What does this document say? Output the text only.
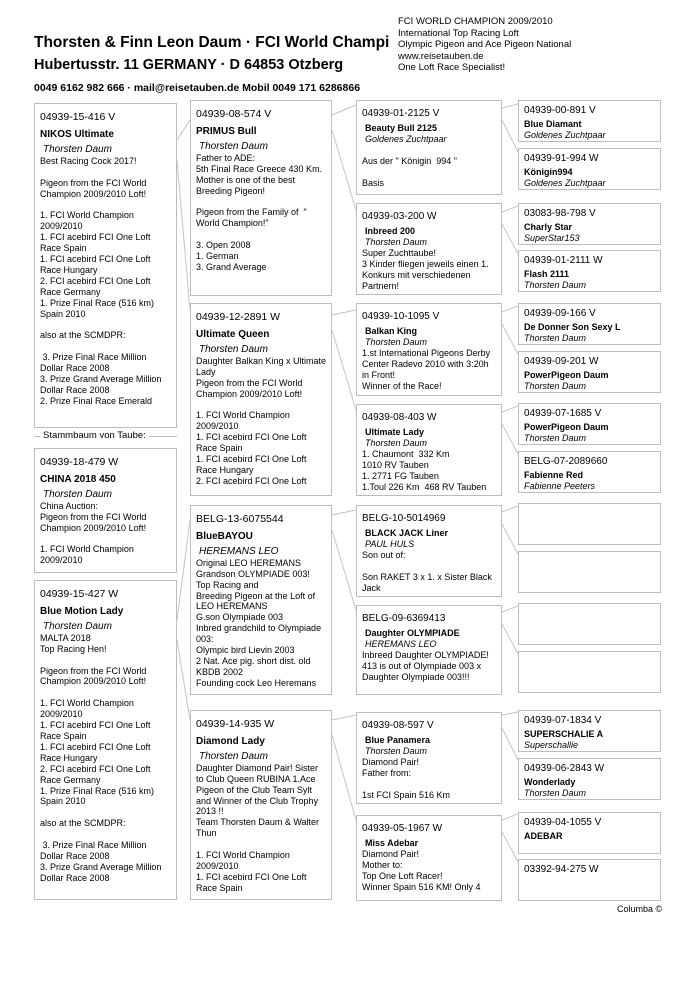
Thorsten & Finn Leon Daum · FCI World Champi
Hubertusstr. 11 GERMANY · D 64853 Otzberg
0049 6162 982 666 · mail@reisetauben.de Mobil 0049 171 6286866
FCI WORLD CHAMPION 2009/2010
International Top Racing Loft
Olympic Pigeon and Ace Pigeon National
www.reisetauben.de
One Loft Race Specialist!
04939-15-416 V
NIKOS Ultimate
Thorsten Daum
Best Racing Cock 2017!

Pigeon from the FCI World Champion 2009/2010 Loft!

1. FCI World Champion 2009/2010
1. FCI acebird FCI One Loft Race Spain
1. FCI acebird FCI One Loft Race Hungary
2. FCI acebird FCI One Loft Race Germany
1. Prize Final Race (516 km) Spain 2010

also at the SCMDPR:

3. Prize Final Race Million Dollar Race 2008
3. Prize Grand Average Million Dollar Race 2008
2. Prize Final Race Emerald
Stammbaum von Taube:
04939-18-479 W
CHINA 2018 450
Thorsten Daum
China Auction:
Pigeon from the FCI World Champion 2009/2010 Loft!

1. FCI World Champion 2009/2010
04939-15-427 W
Blue Motion Lady
Thorsten Daum
MALTA 2018
Top Racing Hen!

Pigeon from the FCI World Champion 2009/2010 Loft!

1. FCI World Champion 2009/2010
1. FCI acebird FCI One Loft Race Spain
1. FCI acebird FCI One Loft Race Hungary
2. FCI acebird FCI One Loft Race Germany
1. Prize Final Race (516 km) Spain 2010

also at the SCMDPR:

3. Prize Final Race Million Dollar Race 2008
3. Prize Grand Average Million Dollar Race 2008
04939-08-574 V
PRIMUS Bull
Thorsten Daum
Father to ADE:
5th Final Race Greece 430 Km.
Mother is one of the best Breeding Pigeon!

Pigeon from the Family of  " World Champion!"

3. Open 2008
1. German
3. Grand Average
04939-12-2891 W
Ultimate Queen
Thorsten Daum
Daughter Balkan King x Ultimate Lady
Pigeon from the FCI World Champion 2009/2010 Loft!

1. FCI World Champion 2009/2010
1. FCI acebird FCI One Loft Race Spain
1. FCI acebird FCI One Loft Race Hungary
2. FCI acebird FCI One Loft
BELG-13-6075544
BlueBAYOU
HEREMANS LEO
Original LEO HEREMANS Grandson OLYMPIADE 003!
Top Racing and
Breeding Pigeon at the Loft of LEO HEREMANS
G.son Olympiade 003
Inbred grandchild to Olympiade 003:
Olympic bird Lievin 2003
2 Nat. Ace pig. short dist. old KBDB 2002
Founding cock Leo Heremans
04939-14-935 W
Diamond Lady
Thorsten Daum
Daughter Diamond Pair! Sister to Club Queen RUBINA 1.Ace Pigeon of the Club Team Sylt and Winner of the Club Trophy 2013 !!
Team Thorsten Daum & Walter Thun

1. FCI World Champion 2009/2010
1. FCI acebird FCI One Loft Race Spain
04939-01-2125 V
Beauty Bull 2125
Goldenes Zuchtpaar

Aus der " Königin  994 "

Basis
04939-03-200 W
Inbreed 200
Thorsten Daum
Super Zuchttaube!
3 Kinder fliegen jeweils einen 1. Konkurs mit verschiedenen Partnern!
04939-10-1095 V
Balkan King
Thorsten Daum
1.st International Pigeons Derby Center Radevo 2010 with 3:20h in Front!
Winner of the Race!
04939-08-403 W
Ultimate Lady
Thorsten Daum
1. Chaumont  332 Km
1010 RV Tauben
1. 2771 FG Tauben
1.Toul 226 Km  468 RV Tauben
BELG-10-5014969
BLACK JACK Liner
PAUL HULS
Son out of:

Son RAKET 3 x 1. x Sister Black Jack
BELG-09-6369413
Daughter OLYMPIADE
HEREMANS LEO
Inbreed Daughter OLYMPIADE!
413 is out of Olympiade 003 x Daughter Olympiade 003!!!
04939-08-597 V
Blue Panamera
Thorsten Daum
Diamond Pair!
Father from:

1st FCI Spain 516 Km
04939-05-1967 W
Miss Adebar
Diamond Pair!
Mother to:
Top One Loft Racer!
Winner Spain 516 KM! Only 4
04939-00-891 V
Blue Diamant
Goldenes Zuchtpaar
04939-91-994 W
Königin994
Goldenes Zuchtpaar
03083-98-798 V
Charly Star
SuperStar153
04939-01-2111 W
Flash 2111
Thorsten Daum
04939-09-166 V
De Donner Son Sexy L
Thorsten Daum
04939-09-201 W
PowerPigeon Daum
Thorsten Daum
04939-07-1685 V
PowerPigeon Daum
Thorsten Daum
BELG-07-2089660
Fabienne Red
Fabienne Peeters
04939-07-1834 V
SUPERSCHALIE A
Superschallie
04939-06-2843 W
Wonderlady
Thorsten Daum
04939-04-1055 V
ADEBAR
03392-94-275 W
Columba ©
